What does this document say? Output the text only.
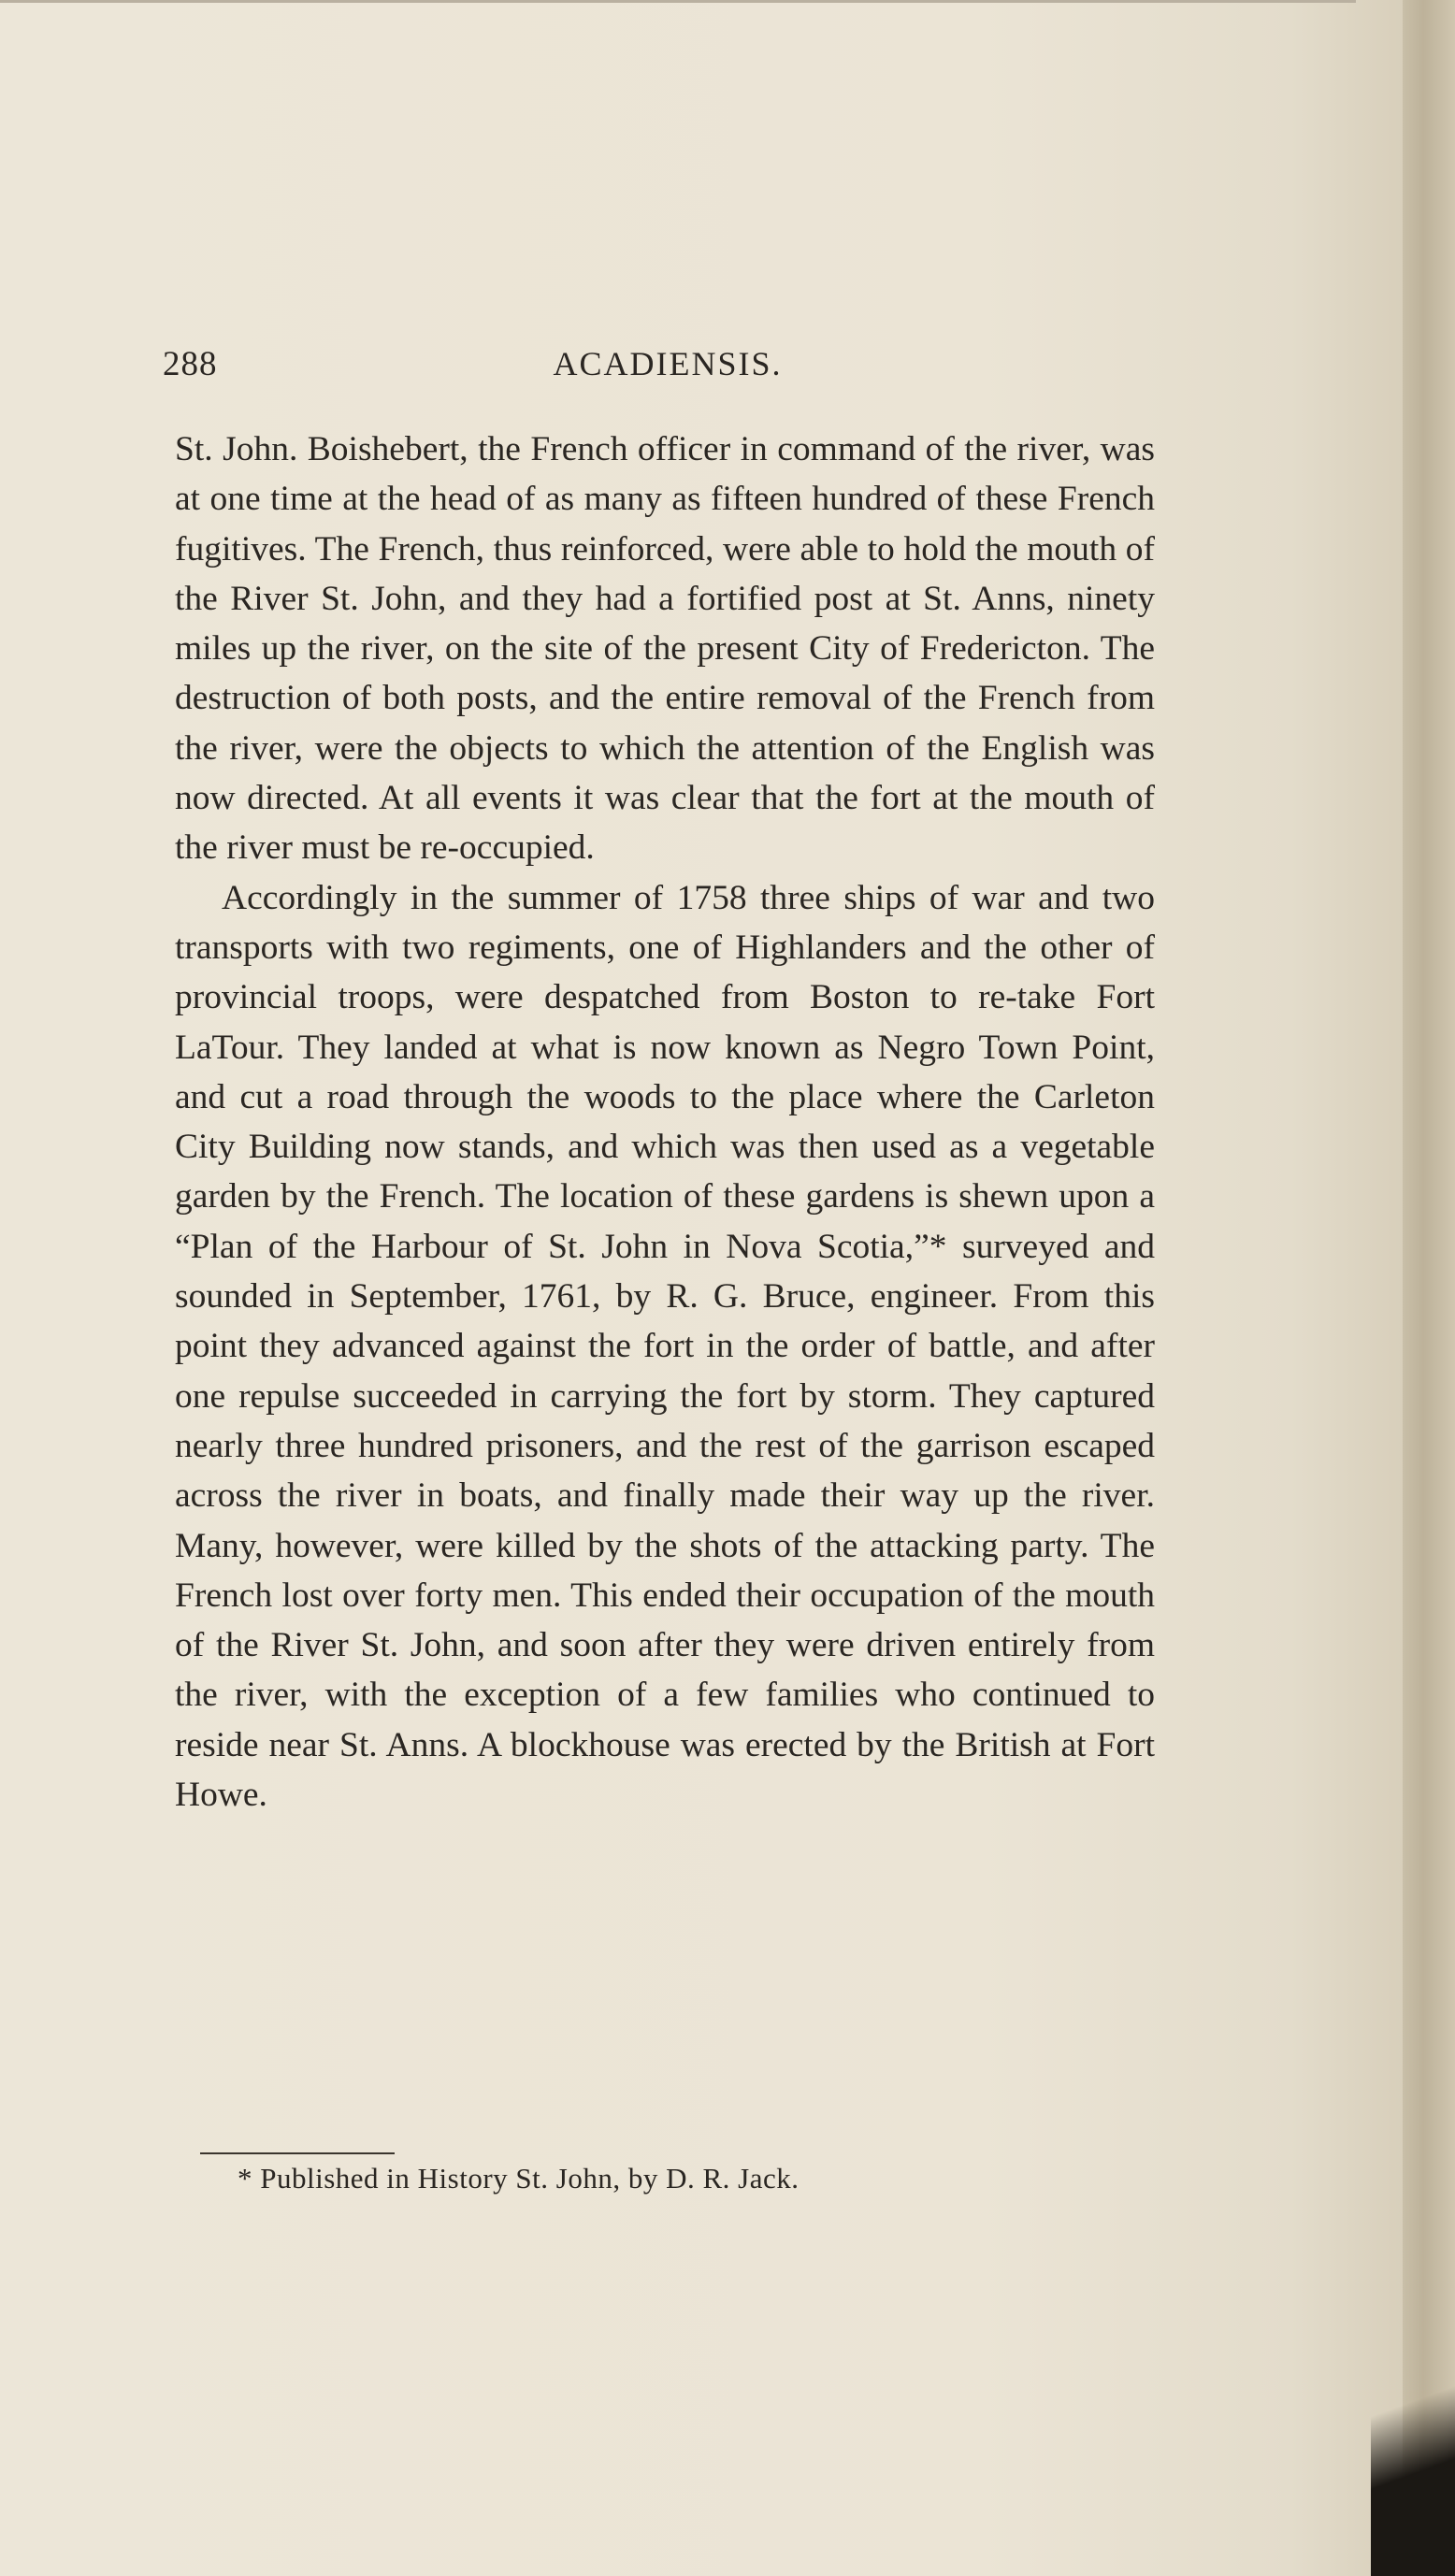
288	ACADIENSIS.

St. John. Boishebert, the French officer in command of the river, was at one time at the head of as many as fifteen hundred of these French fugitives. The French, thus reinforced, were able to hold the mouth of the River St. John, and they had a fortified post at St. Anns, ninety miles up the river, on the site of the present City of Fredericton. The destruction of both posts, and the entire removal of the French from the river, were the objects to which the attention of the English was now directed. At all events it was clear that the fort at the mouth of the river must be re-occupied.

Accordingly in the summer of 1758 three ships of war and two transports with two regiments, one of Highlanders and the other of provincial troops, were despatched from Boston to re-take Fort LaTour. They landed at what is now known as Negro Town Point, and cut a road through the woods to the place where the Carleton City Building now stands, and which was then used as a vegetable garden by the French. The location of these gardens is shewn upon a “Plan of the Harbour of St. John in Nova Scotia,”* surveyed and sounded in September, 1761, by R. G. Bruce, engineer. From this point they advanced against the fort in the order of battle, and after one repulse succeeded in carrying the fort by storm. They captured nearly three hundred prisoners, and the rest of the garrison escaped across the river in boats, and finally made their way up the river. Many, however, were killed by the shots of the attacking party. The French lost over forty men. This ended their occupation of the mouth of the River St. John, and soon after they were driven entirely from the river, with the exception of a few families who continued to reside near St. Anns. A blockhouse was erected by the British at Fort Howe.

* Published in History St. John, by D. R. Jack.
